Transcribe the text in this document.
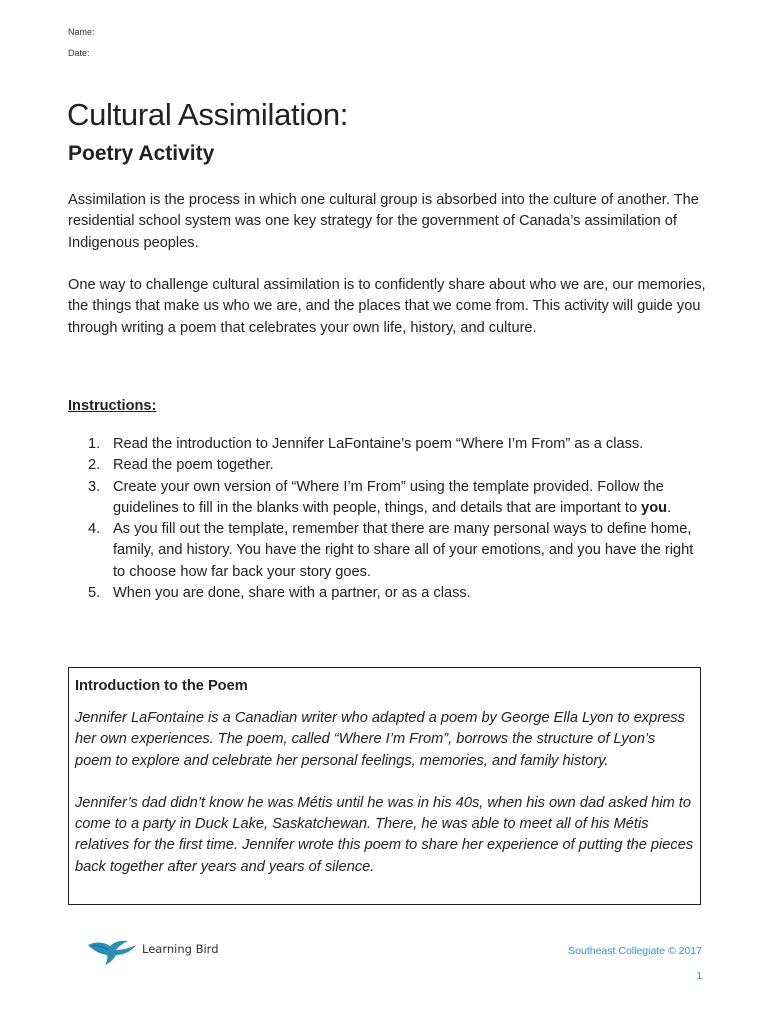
Name:
Date:
Cultural Assimilation:
Poetry Activity

Assimilation is the process in which one cultural group is absorbed into the culture of another. The residential school system was one key strategy for the government of Canada’s assimilation of Indigenous peoples.

One way to challenge cultural assimilation is to confidently share about who we are, our memories, the things that make us who we are, and the places that we come from. This activity will guide you through writing a poem that celebrates your own life, history, and culture.

Instructions:
1. Read the introduction to Jennifer LaFontaine’s poem “Where I’m From” as a class.
2. Read the poem together.
3. Create your own version of “Where I’m From” using the template provided. Follow the guidelines to fill in the blanks with people, things, and details that are important to you.
4. As you fill out the template, remember that there are many personal ways to define home, family, and history. You have the right to share all of your emotions, and you have the right to choose how far back your story goes.
5. When you are done, share with a partner, or as a class.
Introduction to the Poem

Jennifer LaFontaine is a Canadian writer who adapted a poem by George Ella Lyon to express her own experiences. The poem, called “Where I’m From”, borrows the structure of Lyon’s poem to explore and celebrate her personal feelings, memories, and family history.

Jennifer’s dad didn’t know he was Métis until he was in his 40s, when his own dad asked him to come to a party in Duck Lake, Saskatchewan. There, he was able to meet all of his Métis relatives for the first time. Jennifer wrote this poem to share her experience of putting the pieces back together after years and years of silence.

Learning Bird	Southeast Collegiate © 2017
1
